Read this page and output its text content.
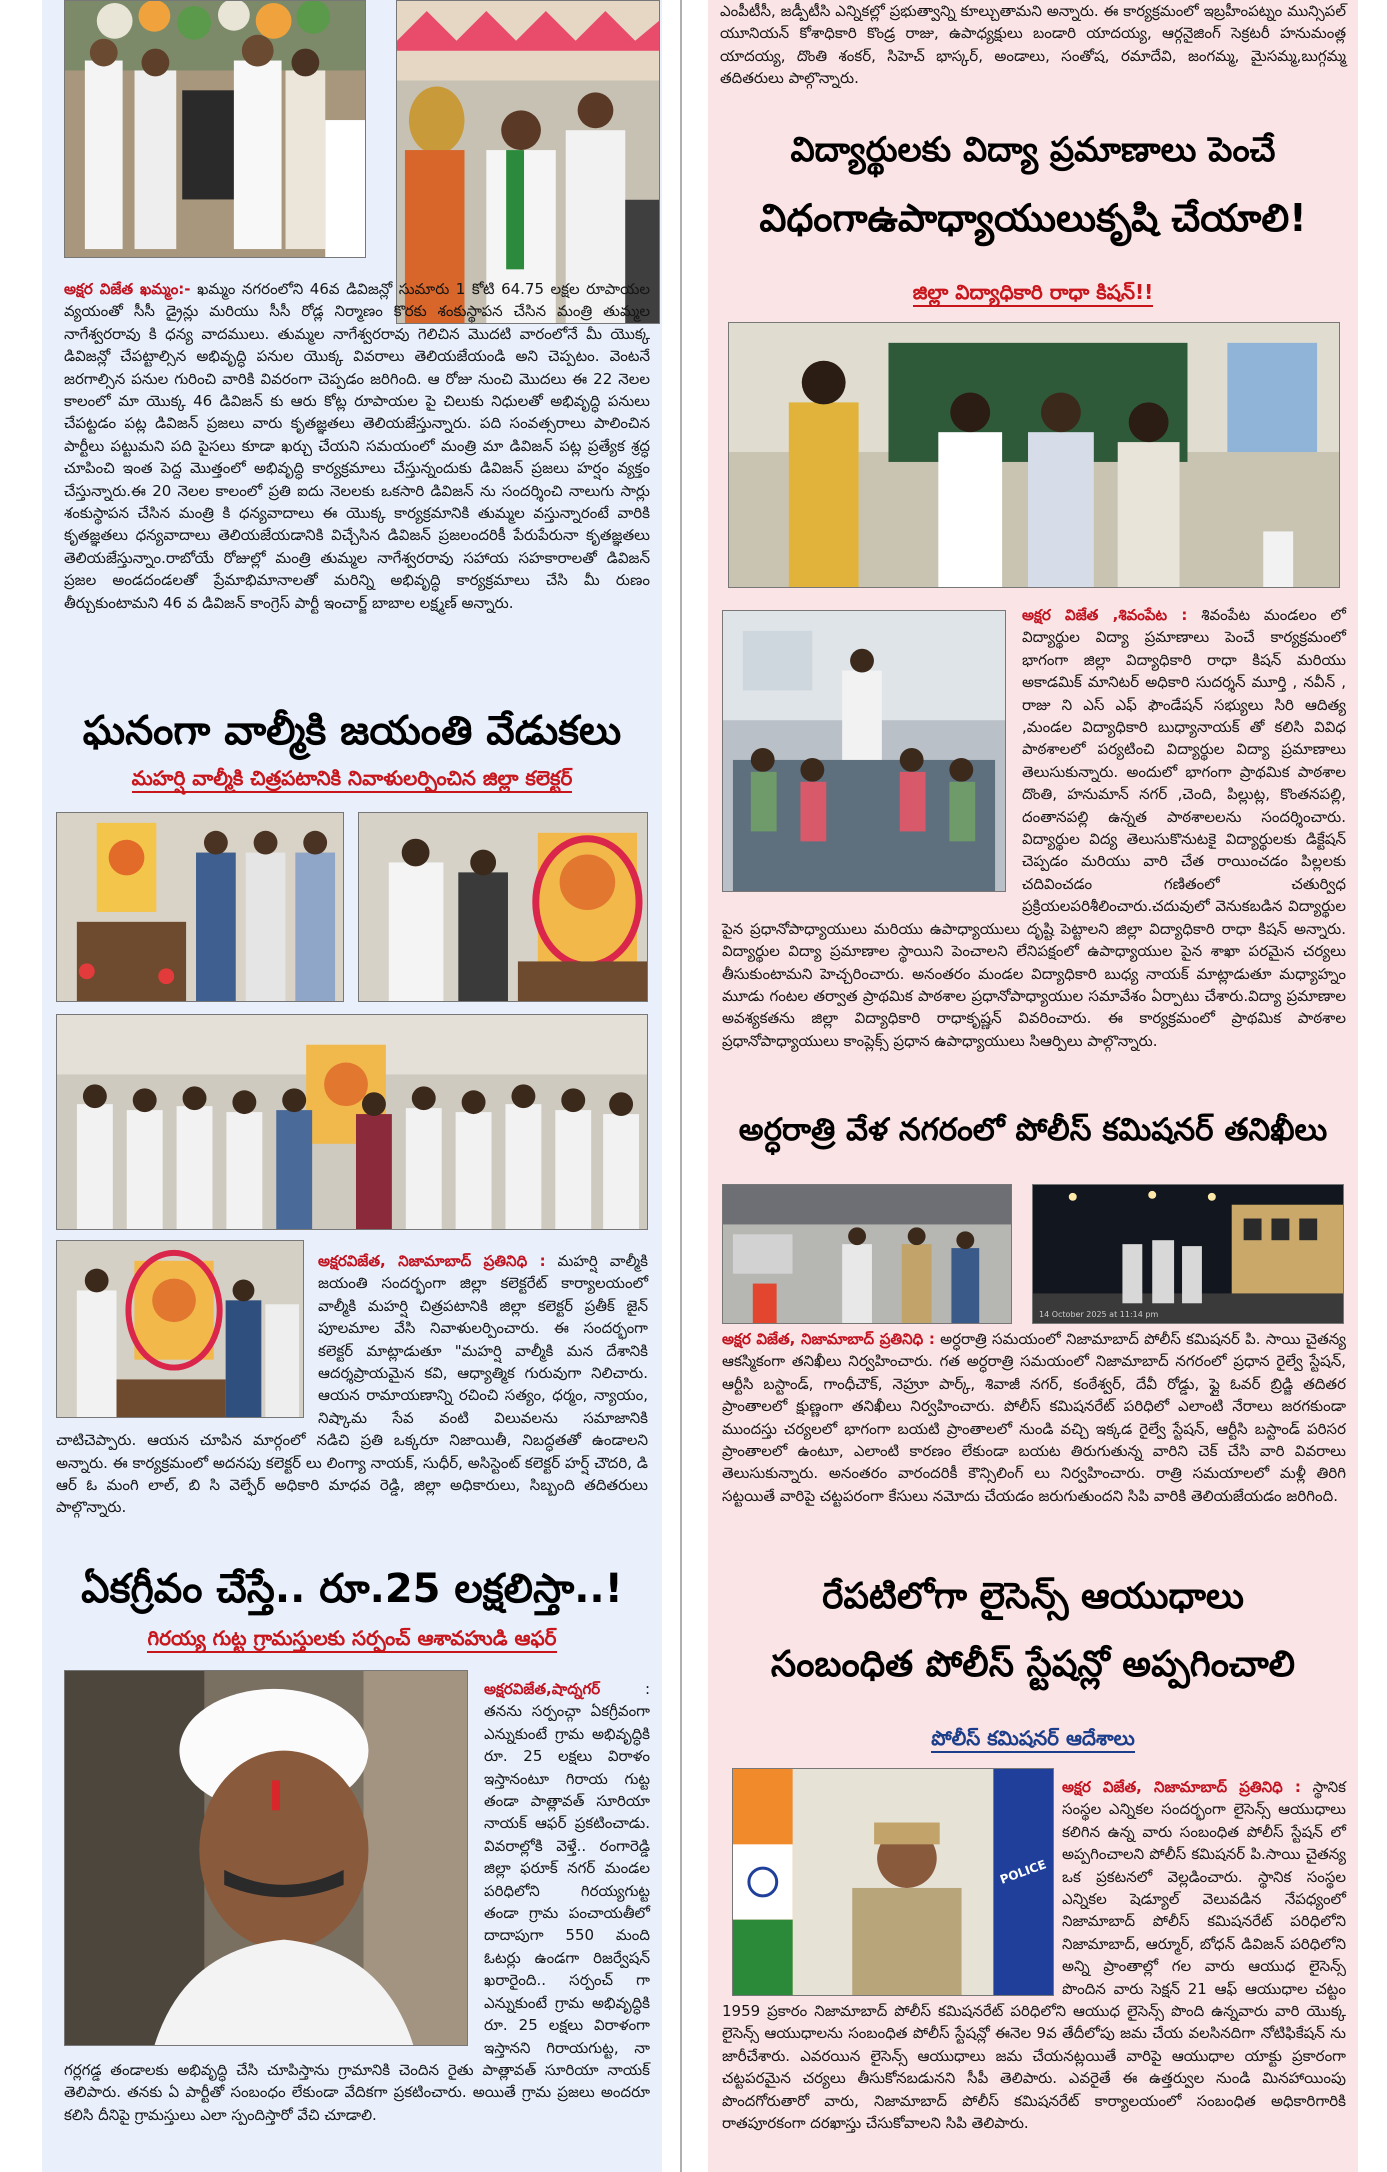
అక్షర విజేత ఖమ్మం:- ఖమ్మం నగరంలోని 46వ డివిజన్లో సుమారు 1 కోటి 64.75 లక్షల రూపాయల వ్యయంతో సీసీ డ్రైన్లు మరియు సీసీ రోడ్ల నిర్మాణం కొరకు శంకుస్థాపన చేసిన మంత్రి తుమ్మల నాగేశ్వరరావు కి ధన్య వాదములు. తుమ్మల నాగేశ్వరరావు గెలిచిన మొదటి వారంలోనే మీ యొక్క డివిజన్లో చేపట్టాల్సిన అభివృద్ధి పనుల యొక్క వివరాలు తెలియజేయండి అని చెప్పటం. వెంటనే జరగాల్సిన పనుల గురించి వారికి వివరంగా చెప్పడం జరిగింది. ఆ రోజు నుంచి మొదలు ఈ 22 నెలల కాలంలో మా యొక్క 46 డివిజన్ కు ఆరు కోట్ల రూపాయల పై చిలుకు నిధులతో అభివృద్ధి పనులు చేపట్టడం పట్ల డివిజన్ ప్రజలు వారు కృతజ్ఞతలు తెలియజేస్తున్నారు. పది సంవత్సరాలు పాలించిన పార్టీలు పట్టుమని పది పైసలు కూడా ఖర్చు చేయని సమయంలో మంత్రి మా డివిజన్ పట్ల ప్రత్యేక శ్రద్ధ చూపించి ఇంత పెద్ద మొత్తంలో అభివృద్ధి కార్యక్రమాలు చేస్తున్నందుకు డివిజన్ ప్రజలు హర్షం వ్యక్తం చేస్తున్నారు.ఈ 20 నెలల కాలంలో ప్రతి ఐదు నెలలకు ఒకసారి డివిజన్ ను సందర్శించి నాలుగు సార్లు శంకుస్థాపన చేసిన మంత్రి కి ధన్యవాదాలు ఈ యొక్క కార్యక్రమానికి తుమ్మల వస్తున్నారంటే వారికి కృతజ్ఞతలు ధన్యవాదాలు తెలియజేయడానికి విచ్చేసిన డివిజన్ ప్రజలందరికీ పేరుపేరునా కృతజ్ఞతలు తెలియజేస్తున్నాం.రాబోయే రోజుల్లో మంత్రి తుమ్మల నాగేశ్వరరావు సహాయ సహకారాలతో డివిజన్ ప్రజల అండదండలతో ప్రేమాభిమానాలతో మరిన్ని అభివృద్ధి కార్యక్రమాలు చేసి మీ రుణం తీర్చుకుంటామని 46 వ డివిజన్ కాంగ్రెస్ పార్టీ ఇంచార్జ్ బాబాల లక్ష్మణ్ అన్నారు.
ఘనంగా వాల్మీకి జయంతి వేడుకలు
మహర్షి వాల్మీకి చిత్రపటానికి నివాళులర్పించిన జిల్లా కలెక్టర్
అక్షరవిజేత, నిజామాబాద్ ప్రతినిధి : మహర్షి వాల్మీకి జయంతి సందర్భంగా జిల్లా కలెక్టరేట్ కార్యాలయంలో వాల్మీకి మహర్షి చిత్రపటానికి జిల్లా కలెక్టర్ ప్రతీక్ జైన్ పూలమాల వేసి నివాళులర్పించారు. ఈ సందర్భంగా కలెక్టర్ మాట్లాడుతూ "మహర్షి వాల్మీకి మన దేశానికి ఆదర్శప్రాయమైన కవి, ఆధ్యాత్మిక గురువుగా నిలిచారు. ఆయన రామాయణాన్ని రచించి సత్యం, ధర్మం, న్యాయం, నిష్కామ సేవ వంటి విలువలను సమాజానికి చాటిచెప్పారు. ఆయన చూపిన మార్గంలో నడిచి ప్రతి ఒక్కరూ నిజాయితీ, నిబద్ధతతో ఉండాలని అన్నారు. ఈ కార్యక్రమంలో అదనపు కలెక్టర్ లు లింగ్యా నాయక్, సుధీర్, అసిస్టెంట్ కలెక్టర్ హర్ష్ చౌదరి, డి ఆర్ ఓ మంగి లాల్, బి సి వెల్ఫేర్ అధికారి మాధవ రెడ్డి, జిల్లా అధికారులు, సిబ్బంది తదితరులు పాల్గొన్నారు.
ఏకగ్రీవం చేస్తే.. రూ.25 లక్షలిస్తా..!
గిరయ్య గుట్ట గ్రామస్తులకు సర్పంచ్ ఆశావహుడి ఆఫర్
అక్షరవిజేత,షాద్నగర్	: తనను సర్పంచ్గా ఏకగ్రీవంగా ఎన్నుకుంటే గ్రామ అభివృద్ధికి రూ. 25 లక్షలు విరాళం ఇస్తానంటూ గిరాయ గుట్ట తండా పాత్లావత్ సూరియా నాయక్ ఆఫర్ ప్రకటించాడు. వివరాల్లోకి వెళ్తే.. రంగారెడ్డి జిల్లా ఫరూక్ నగర్ మండల పరిధిలోని గిరయ్యగుట్ట తండా గ్రామ పంచాయతీలో దాదాపుగా 550 మంది ఓటర్లు ఉండగా రిజర్వేషన్ ఖరారైంది.. సర్పంచ్ గా ఎన్నుకుంటే గ్రామ అభివృద్ధికి రూ. 25 లక్షలు విరాళంగా ఇస్తానని గిరాయగుట్ట, నా గర్లగడ్డ తండాలకు అభివృద్ధి చేసి చూపిస్తాను గ్రామానికి చెందిన రైతు పాత్లావత్ సూరియా నాయక్ తెలిపారు. తనకు ఏ పార్టీతో సంబంధం లేకుండా వేదికగా ప్రకటించారు. అయితే గ్రామ ప్రజలు అందరూ కలిసి దీనిపై గ్రామస్తులు ఎలా స్పందిస్తారో వేచి చూడాలి.
ఎంపీటీసీ, జడ్పీటీసి ఎన్నికల్లో ప్రభుత్వాన్ని కూల్చుతామని అన్నారు. ఈ కార్యక్రమంలో ఇబ్రహీంపట్నం మున్సిపల్ యూనియన్ కోశాధికారి కొండ్ర రాజు, ఉపాధ్యక్షులు బండారి యాదయ్య, ఆర్గనైజింగ్ సెక్రటరీ హనుమంత్ల యాదయ్య, దొంతి శంకర్, సిహెచ్ భాస్కర్, అండాలు, సంతోష, రమాదేవి, జంగమ్మ, మైసమ్మ,బుగ్గమ్మ తదితరులు పాల్గొన్నారు.
విద్యార్థులకు విద్యా ప్రమాణాలు పెంచే
విధంగాఉపాధ్యాయులుకృషి చేయాలి!
జిల్లా విద్యాధికారి రాధా కిషన్!!
అక్షర విజేత ,శివంపేట : శివంపేట మండలం లో విద్యార్థుల విద్యా ప్రమాణాలు పెంచే కార్యక్రమంలో భాగంగా జిల్లా విద్యాధికారి రాధా కిషన్ మరియు అకాడమిక్ మానిటర్ అధికారి సుదర్శన్ మూర్తి , నవీన్ , రాజు ని ఎస్ ఎఫ్ ఫౌండేషన్ సభ్యులు సిరి ఆదిత్య ,మండల విద్యాధికారి బుధ్యానాయక్ తో కలిసి వివిధ పాఠశాలలో పర్యటించి విద్యార్థుల విద్యా ప్రమాణాలు తెలుసుకున్నారు. అందులో భాగంగా ప్రాథమిక పాఠశాల దొంతి, హనుమాన్ నగర్ ,చెంది, పిల్లుట్ల, కొంతనపల్లి, దంతానపల్లి ఉన్నత పాఠశాలలను సందర్శించారు. విద్యార్థుల విద్య తెలుసుకొనుటకై విద్యార్థులకు డిక్టేషన్ చెప్పడం మరియు వారి చేత రాయించడం పిల్లలకు చదివించడం గణితంలో చతుర్విధ ప్రక్రియలపరిశీలించారు.చదువులో వెనుకబడిన విద్యార్థుల పైన ప్రధానోపాధ్యాయులు మరియు ఉపాధ్యాయులు దృష్టి పెట్టాలని జిల్లా విద్యాధికారి రాధా కిషన్ అన్నారు. విద్యార్థుల విద్యా ప్రమాణాల స్థాయిని పెంచాలని లేనిపక్షంలో ఉపాధ్యాయుల పైన శాఖా పరమైన చర్యలు తీసుకుంటామని హెచ్చరించారు. అనంతరం మండల విద్యాధికారి బుధ్య నాయక్ మాట్లాడుతూ మధ్యాహ్నం మూడు గంటల తర్వాత ప్రాథమిక పాఠశాల ప్రధానోపాధ్యాయుల సమావేశం ఏర్పాటు చేశారు.విద్యా ప్రమాణాల అవశ్యకతను జిల్లా విద్యాధికారి రాధాకృష్ణన్ వివరించారు. ఈ కార్యక్రమంలో ప్రాథమిక పాఠశాల ప్రధానోపాధ్యాయులు కాంప్లెక్స్ ప్రధాన ఉపాధ్యాయులు సిఆర్పిలు పాల్గొన్నారు.
అర్ధరాత్రి వేళ నగరంలో పోలీస్ కమిషనర్ తనిఖీలు
14 October 2025 at 11:14 pm
అక్షర విజేత, నిజామాబాద్ ప్రతినిధి : అర్ధరాత్రి సమయంలో నిజామాబాద్ పోలీస్ కమిషనర్ పి. సాయి చైతన్య ఆకస్మికంగా తనిఖీలు నిర్వహించారు. గత అర్ధరాత్రి సమయంలో నిజామాబాద్ నగరంలో ప్రధాన రైల్వే స్టేషన్, ఆర్టీసి బస్టాండ్, గాంధీచౌక్, నెహ్రూ పార్క్, శివాజీ నగర్, కంఠేశ్వర్, దేవీ రోడ్డు, ఫ్లై ఓవర్ బ్రిడ్జి తదితర ప్రాంతాలలో క్షుణ్ణంగా తనిఖీలు నిర్వహించారు. పోలీస్ కమిషనరేట్ పరిధిలో ఎలాంటి నేరాలు జరగకుండా ముందస్తు చర్యలలో భాగంగా బయటి ప్రాంతాలలో నుండి వచ్చి ఇక్కడ రైల్వే స్టేషన్, ఆర్టీసి బస్టాండ్ పరిసర ప్రాంతాలలో ఉంటూ, ఎలాంటి కారణం లేకుండా బయట తిరుగుతున్న వారిని చెక్ చేసి వారి వివరాలు తెలుసుకున్నారు. అనంతరం వారందరికీ కౌన్సిలింగ్ లు నిర్వహించారు. రాత్రి సమయాలలో మళ్లీ తిరిగి సట్టయితే వారిపై చట్టపరంగా కేసులు నమోదు చేయడం జరుగుతుందని సిపి వారికి తెలియజేయడం జరిగింది.
రేపటిలోగా లైసెన్స్ ఆయుధాలు
సంబంధిత పోలీస్ స్టేషన్లో అప్పగించాలి
పోలీస్ కమిషనర్ ఆదేశాలు
POLICE
అక్షర విజేత, నిజామాబాద్ ప్రతినిధి : స్థానిక సంస్థల ఎన్నికల సందర్భంగా లైసెన్స్ ఆయుధాలు కలిగిన ఉన్న వారు సంబంధిత పోలీస్ స్టేషన్ లో అప్పగించాలని పోలీస్ కమిషనర్ పి.సాయి చైతన్య ఒక ప్రకటనలో వెల్లడించారు. స్థానిక సంస్థల ఎన్నికల షెడ్యూల్ వెలువడిన నేపధ్యంలో నిజామాబాద్ పోలీస్ కమిషనరేట్ పరిధిలోని నిజామాబాద్, ఆర్మూర్, బోధన్ డివిజన్ పరిధిలోని అన్ని ప్రాంతాల్లో గల వారు ఆయుధ లైసెన్స్ పొందిన వారు సెక్షన్ 21 ఆఫ్ ఆయుధాల చట్టం 1959 ప్రకారం నిజామాబాద్ పోలీస్ కమిషనరేట్ పరిధిలోని ఆయుధ లైసెన్స్ పొంది ఉన్నవారు వారి యొక్క లైసెన్స్ ఆయుధాలను సంబంధిత పోలీస్ స్టేషన్లో ఈనెల 9వ తేదీలోపు జమ చేయ వలసినదిగా నోటిఫికేషన్ ను జారీచేశారు. ఎవరయిన లైసెన్స్ ఆయుధాలు జమ చేయనట్లయితే వారిపై ఆయుధాల యాక్టు ప్రకారంగా చట్టపరమైన చర్యలు తీసుకోనబడునని సీపీ తెలిపారు. ఎవరైతే ఈ ఉత్తర్వుల నుండి మినహాయింపు పొందగోరుతారో వారు, నిజామాబాద్ పోలీస్ కమిషనరేట్ కార్యాలయంలో సంబంధిత అధికారిగారికి రాతపూరకంగా దరఖాస్తు చేసుకోవాలని సిపి తెలిపారు.
